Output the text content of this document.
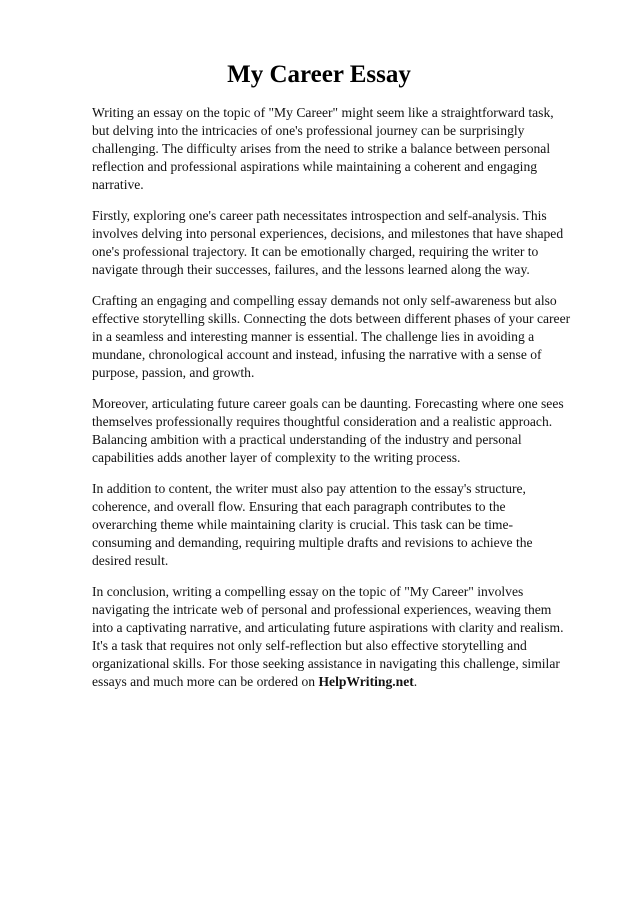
My Career Essay

Writing an essay on the topic of "My Career" might seem like a straightforward task, but delving into the intricacies of one's professional journey can be surprisingly challenging. The difficulty arises from the need to strike a balance between personal reflection and professional aspirations while maintaining a coherent and engaging narrative.

Firstly, exploring one's career path necessitates introspection and self-analysis. This involves delving into personal experiences, decisions, and milestones that have shaped one's professional trajectory. It can be emotionally charged, requiring the writer to navigate through their successes, failures, and the lessons learned along the way.

Crafting an engaging and compelling essay demands not only self-awareness but also effective storytelling skills. Connecting the dots between different phases of your career in a seamless and interesting manner is essential. The challenge lies in avoiding a mundane, chronological account and instead, infusing the narrative with a sense of purpose, passion, and growth.

Moreover, articulating future career goals can be daunting. Forecasting where one sees themselves professionally requires thoughtful consideration and a realistic approach. Balancing ambition with a practical understanding of the industry and personal capabilities adds another layer of complexity to the writing process.

In addition to content, the writer must also pay attention to the essay's structure, coherence, and overall flow. Ensuring that each paragraph contributes to the overarching theme while maintaining clarity is crucial. This task can be time-consuming and demanding, requiring multiple drafts and revisions to achieve the desired result.

In conclusion, writing a compelling essay on the topic of "My Career" involves navigating the intricate web of personal and professional experiences, weaving them into a captivating narrative, and articulating future aspirations with clarity and realism. It's a task that requires not only self-reflection but also effective storytelling and organizational skills. For those seeking assistance in navigating this challenge, similar essays and much more can be ordered on HelpWriting.net.
